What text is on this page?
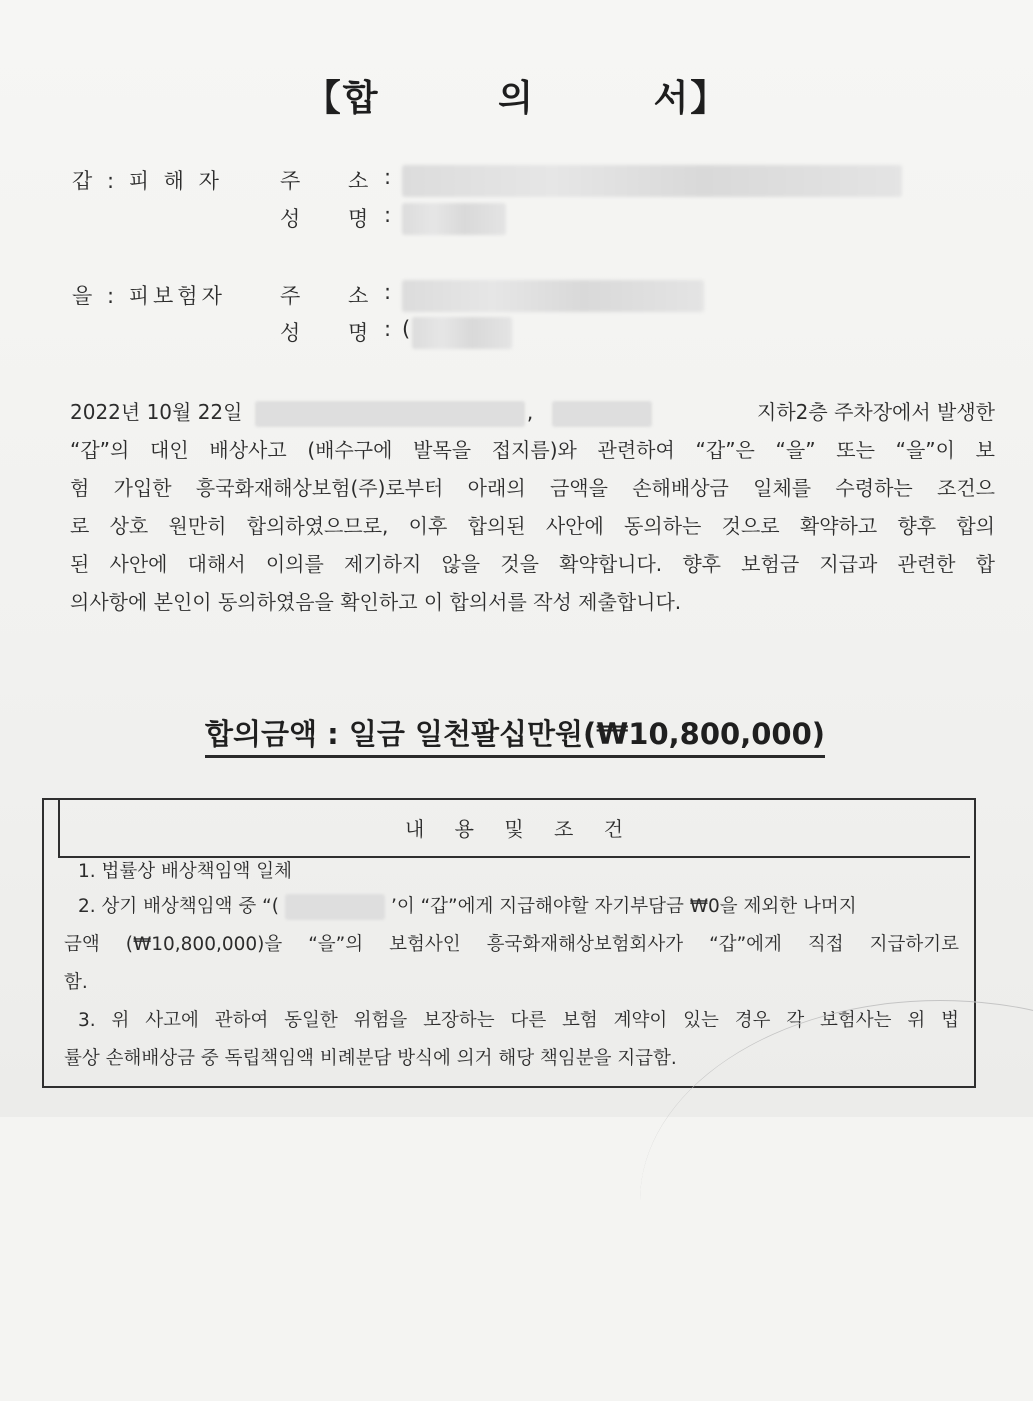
【합	의	서】
갑 : 피 해 자	주 소 :
성 명 :
을 : 피보험자	주 소 :
성 명 : (
2022년 10월 22일	,	지하2층 주차장에서 발생한
“갑”의 대인 배상사고 (배수구에 발목을 접지름)와 관련하여 “갑”은 “을” 또는 “을”이 보
험 가입한 흥국화재해상보험(주)로부터 아래의 금액을 손해배상금 일체를 수령하는 조건으
로 상호 원만히 합의하였으므로, 이후 합의된 사안에 동의하는 것으로 확약하고 향후 합의
된 사안에 대해서 이의를 제기하지 않을 것을 확약합니다. 향후 보험금 지급과 관련한 합
의사항에 본인이 동의하였음을 확인하고 이 합의서를 작성 제출합니다.
합의금액 : 일금 일천팔십만원(₩10,800,000)
내 용 및 조 건
1. 법률상 배상책임액 일체
2. 상기 배상책임액 중 “(	’이 “갑”에게 지급해야할 자기부담금 ₩0을 제외한 나머지
금액 (₩10,800,000)을 “을”의 보험사인 흥국화재해상보험회사가 “갑”에게 직접 지급하기로
함.
3. 위 사고에 관하여 동일한 위험을 보장하는 다른 보험 계약이 있는 경우 각 보험사는 위 법
률상 손해배상금 중 독립책임액 비례분담 방식에 의거 해당 책임분을 지급함.
